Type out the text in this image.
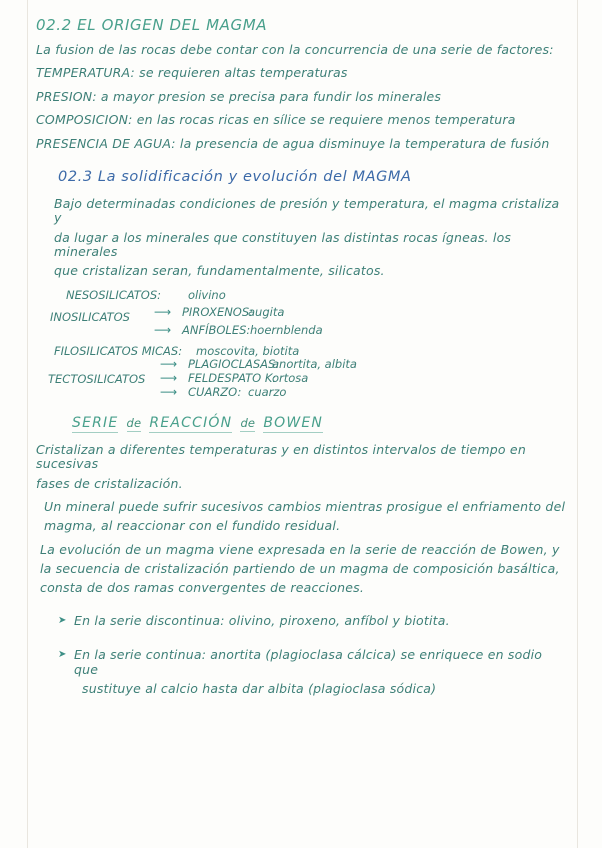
02.2 EL ORIGEN DEL MAGMA
La fusion de las rocas debe contar con la concurrencia de una serie de factores:
TEMPERATURA: se requieren altas temperaturas
PRESION: a mayor presion se precisa para fundir los minerales
COMPOSICION: en las rocas ricas en sílice se requiere menos temperatura
PRESENCIA DE AGUA: la presencia de agua disminuye la temperatura de fusión
02.3 La solidificación y evolución del MAGMA
Bajo determinadas condiciones de presión y temperatura, el magma cristaliza y
da lugar a los minerales que constituyen las distintas rocas ígneas. los minerales
que cristalizan seran, fundamentalmente, silicatos.
NESOSILICATOS: olivino
INOSILICATOS ⟶ PIROXENOS:
augita
⟶ ANFÍBOLES: hoernblenda
FILOSILICATOS MICAS: moscovita, biotita
TECTOSILICATOS
⟶ PLAGIOCLASAS:
anortita, albita
⟶ FELDESPATO K:
ortosa
⟶ CUARZO: cuarzo
SERIE de REACCIÓN de BOWEN
Cristalizan a diferentes temperaturas y en distintos intervalos de tiempo en sucesivas
fases de cristalización.
Un mineral puede sufrir sucesivos cambios mientras prosigue el enfriamento del
magma, al reaccionar con el fundido residual.
La evolución de un magma viene expresada en la serie de reacción de Bowen, y
la secuencia de cristalización partiendo de un magma de composición basáltica,
consta de dos ramas convergentes de reacciones.
➤ En la serie discontinua: olivino, piroxeno, anfíbol y biotita.
➤ En la serie continua: anortita (plagioclasa cálcica) se enriquece en sodio que
sustituye al calcio hasta dar albita (plagioclasa sódica)
